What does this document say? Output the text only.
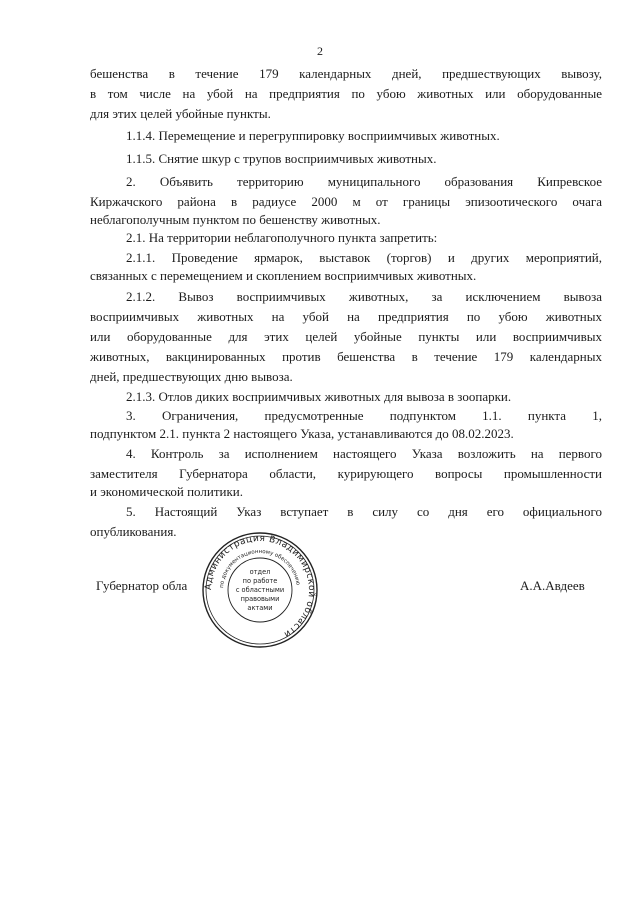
2
бешенства в течение 179 календарных дней, предшествующих вывозу,
в том числе на убой на предприятия по убою животных или оборудованные
для этих целей убойные пункты.
1.1.4. Перемещение и перегруппировку восприимчивых животных.
1.1.5. Снятие шкур с трупов восприимчивых животных.
2. Объявить территорию муниципального образования Кипревское
Киржачского района в радиусе 2000 м от границы эпизоотического очага
неблагополучным пунктом по бешенству животных.
2.1. На территории неблагополучного пункта запретить:
2.1.1. Проведение ярмарок, выставок (торгов) и других мероприятий,
связанных с перемещением и скоплением восприимчивых животных.
2.1.2. Вывоз восприимчивых животных, за исключением вывоза
восприимчивых животных на убой на предприятия по убою животных
или оборудованные для этих целей убойные пункты или восприимчивых
животных, вакцинированных против бешенства в течение 179 календарных
дней, предшествующих дню вывоза.
2.1.3. Отлов диких восприимчивых животных для вывоза в зоопарки.
3. Ограничения, предусмотренные подпунктом 1.1. пункта 1,
подпунктом 2.1. пункта 2 настоящего Указа, устанавливаются до 08.02.2023.
4. Контроль за исполнением настоящего Указа возложить на первого
заместителя Губернатора области, курирующего вопросы промышленности
и экономической политики.
5. Настоящий Указ вступает в силу со дня его официального
опубликования.
Губернатор обла	А.А.Авдеев
Администрация Владимирской области
по документационному обеспечению
отдел
по работе
с областными
правовыми
актами
